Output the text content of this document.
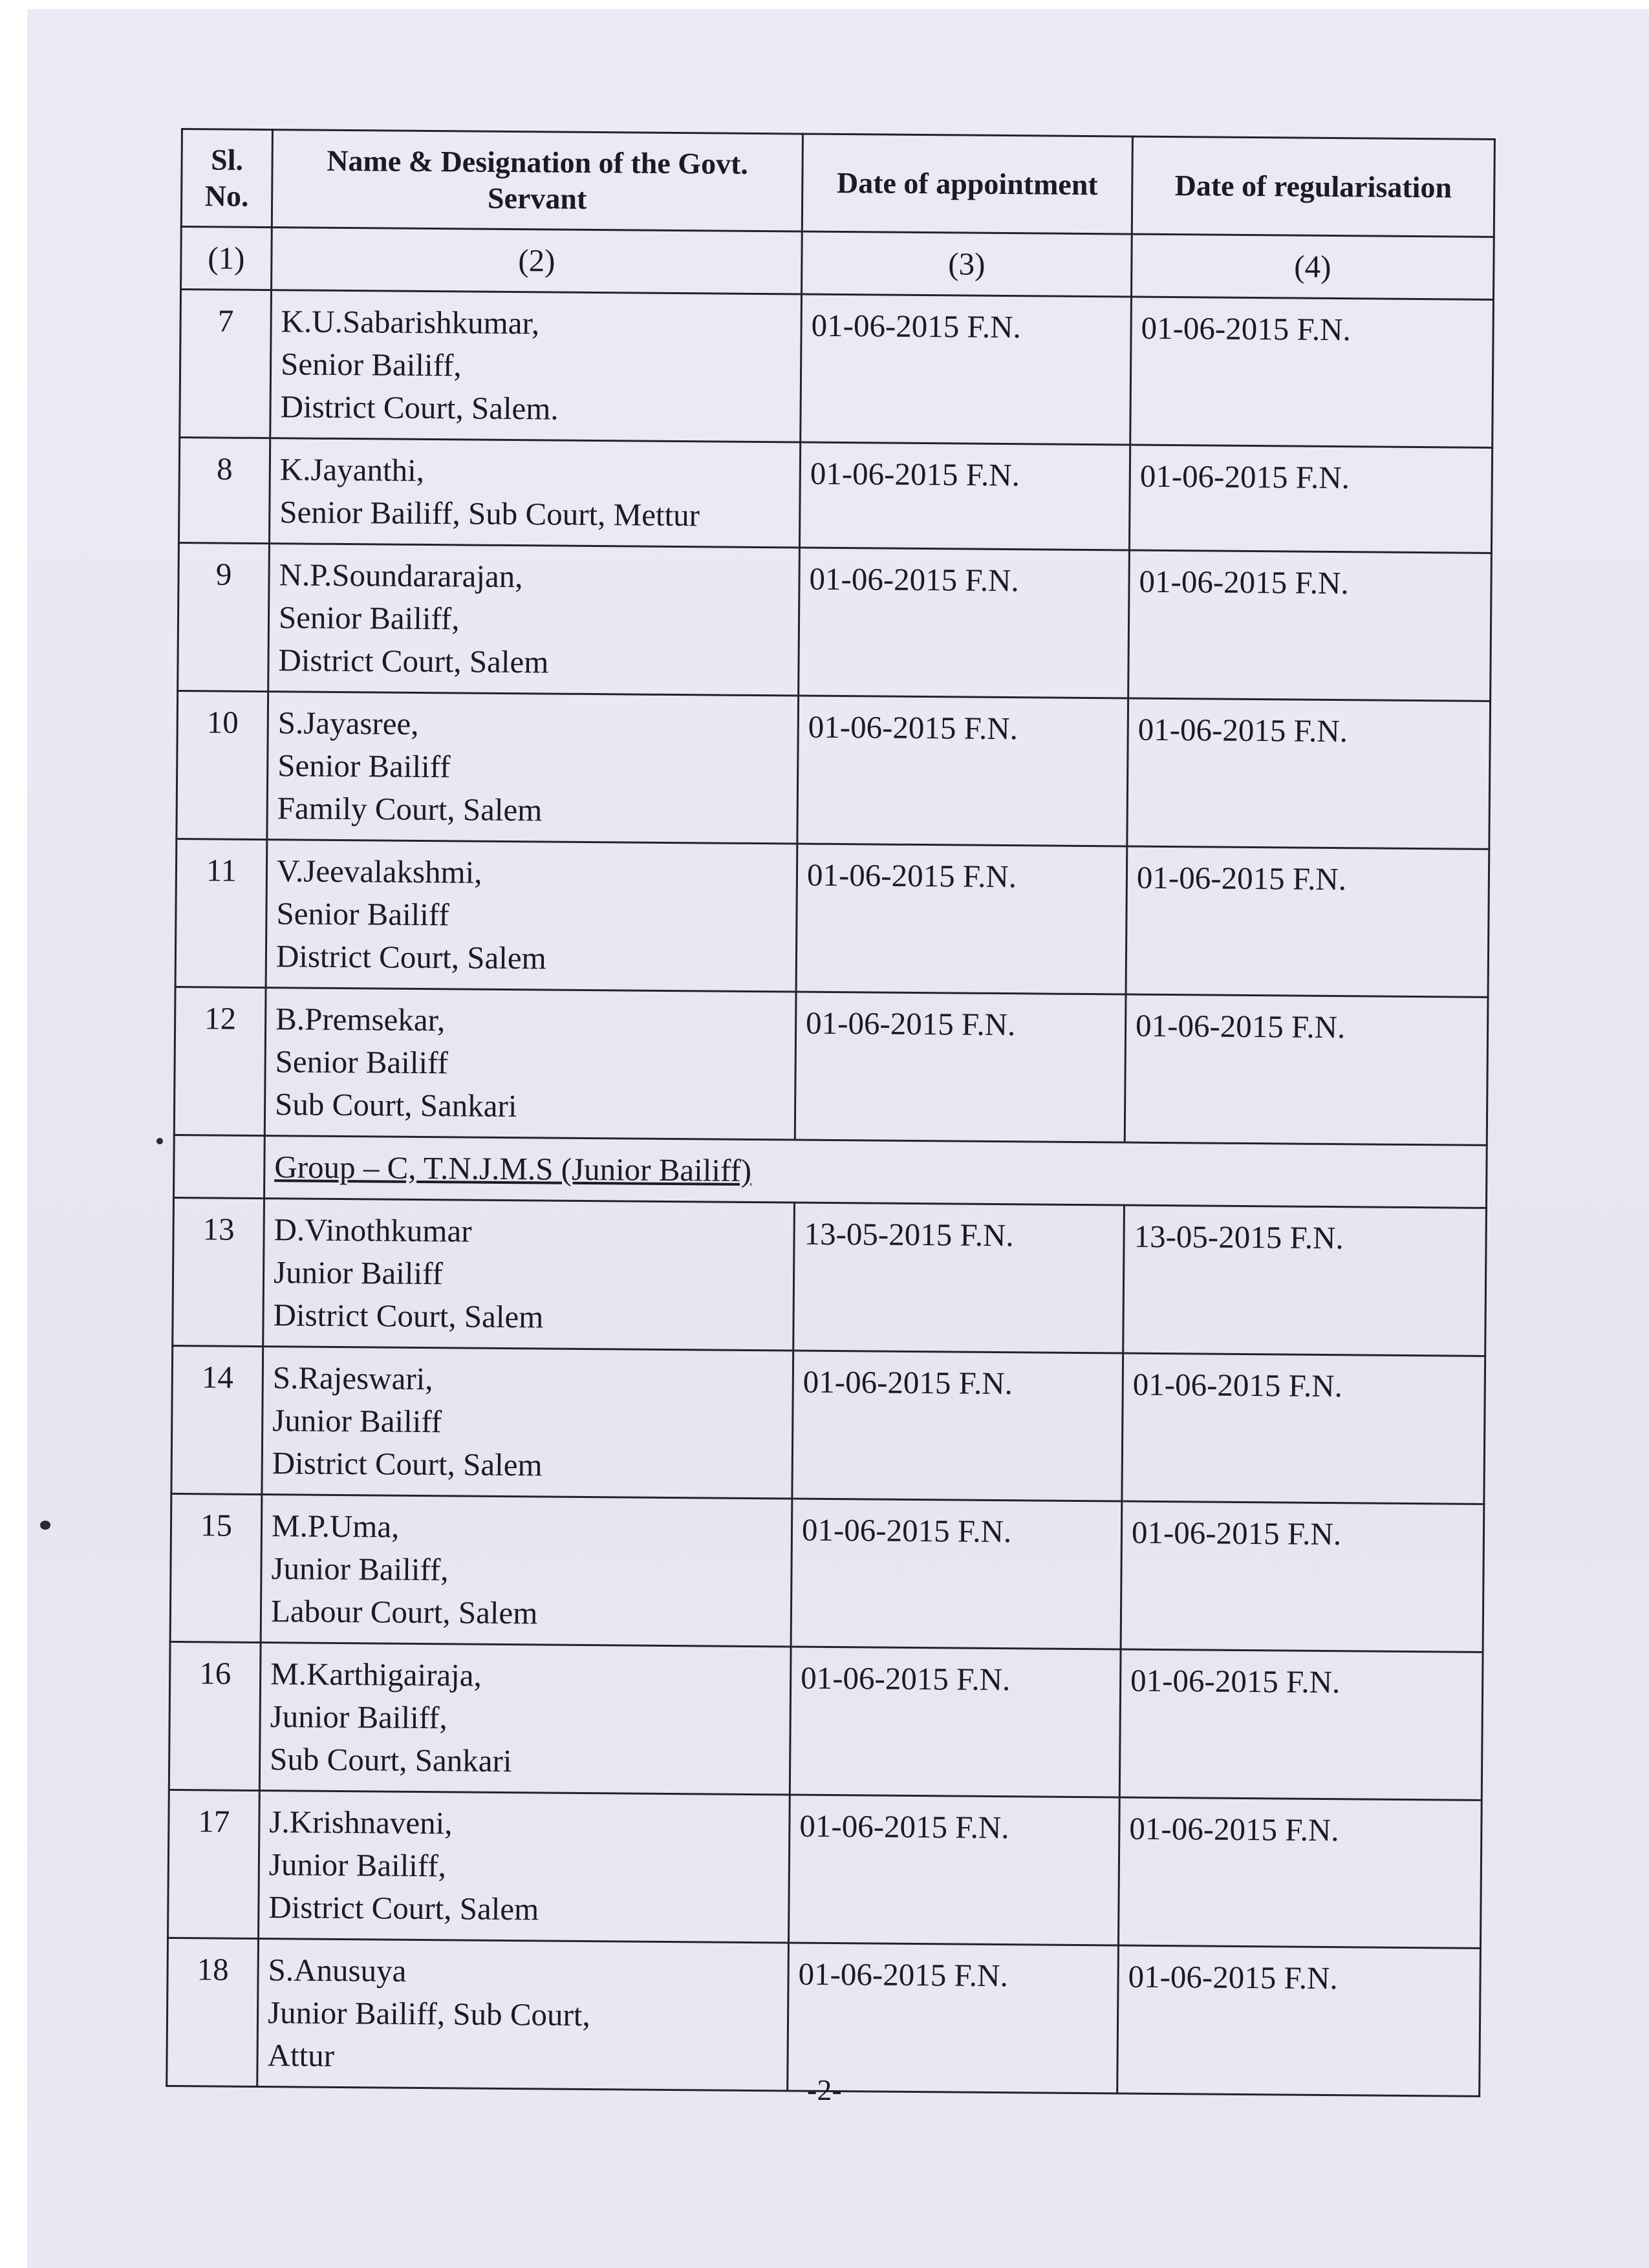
Sl. No.	Name & Designation of the Govt. Servant	Date of appointment	Date of regularisation
(1)	(2)	(3)	(4)
7	K.U.Sabarishkumar,
Senior Bailiff,
District Court, Salem.	01-06-2015 F.N.	01-06-2015 F.N.
8	K.Jayanthi,
Senior Bailiff, Sub Court, Mettur	01-06-2015 F.N.	01-06-2015 F.N.
9	N.P.Soundararajan,
Senior Bailiff,
District Court, Salem	01-06-2015 F.N.	01-06-2015 F.N.
10	S.Jayasree,
Senior Bailiff
Family Court, Salem	01-06-2015 F.N.	01-06-2015 F.N.
11	V.Jeevalakshmi,
Senior Bailiff
District Court, Salem	01-06-2015 F.N.	01-06-2015 F.N.
12	B.Premsekar,
Senior Bailiff
Sub Court, Sankari	01-06-2015 F.N.	01-06-2015 F.N.
	Group – C, T.N.J.M.S (Junior Bailiff)		
13	D.Vinothkumar
Junior Bailiff
District Court, Salem	13-05-2015 F.N.	13-05-2015 F.N.
14	S.Rajeswari,
Junior Bailiff
District Court, Salem	01-06-2015 F.N.	01-06-2015 F.N.
15	M.P.Uma,
Junior Bailiff,
Labour Court, Salem	01-06-2015 F.N.	01-06-2015 F.N.
16	M.Karthigairaja,
Junior Bailiff,
Sub Court, Sankari	01-06-2015 F.N.	01-06-2015 F.N.
17	J.Krishnaveni,
Junior Bailiff,
District Court, Salem	01-06-2015 F.N.	01-06-2015 F.N.
18	S.Anusuya
Junior Bailiff, Sub Court,
Attur	01-06-2015 F.N.	01-06-2015 F.N.
-2-
